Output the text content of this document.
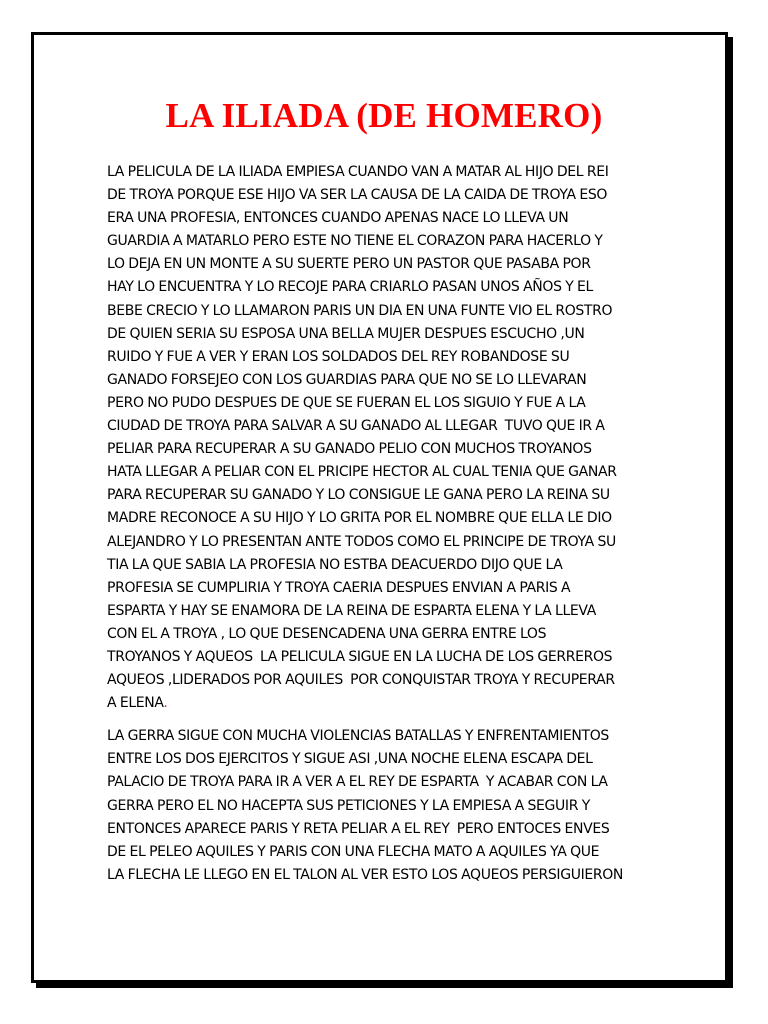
LA ILIADA (DE HOMERO)

LA PELICULA DE LA ILIADA EMPIESA CUANDO VAN A MATAR AL HIJO DEL REI
DE TROYA PORQUE ESE HIJO VA SER LA CAUSA DE LA CAIDA DE TROYA ESO
ERA UNA PROFESIA, ENTONCES CUANDO APENAS NACE LO LLEVA UN
GUARDIA A MATARLO PERO ESTE NO TIENE EL CORAZON PARA HACERLO Y
LO DEJA EN UN MONTE A SU SUERTE PERO UN PASTOR QUE PASABA POR
HAY LO ENCUENTRA Y LO RECOJE PARA CRIARLO PASAN UNOS AÑOS Y EL
BEBE CRECIO Y LO LLAMARON PARIS UN DIA EN UNA FUNTE VIO EL ROSTRO
DE QUIEN SERIA SU ESPOSA UNA BELLA MUJER DESPUES ESCUCHO ,UN
RUIDO Y FUE A VER Y ERAN LOS SOLDADOS DEL REY ROBANDOSE SU
GANADO FORSEJEO CON LOS GUARDIAS PARA QUE NO SE LO LLEVARAN
PERO NO PUDO DESPUES DE QUE SE FUERAN EL LOS SIGUIO Y FUE A LA
CIUDAD DE TROYA PARA SALVAR A SU GANADO AL LLEGAR  TUVO QUE IR A
PELIAR PARA RECUPERAR A SU GANADO PELIO CON MUCHOS TROYANOS
HATA LLEGAR A PELIAR CON EL PRICIPE HECTOR AL CUAL TENIA QUE GANAR
PARA RECUPERAR SU GANADO Y LO CONSIGUE LE GANA PERO LA REINA SU
MADRE RECONOCE A SU HIJO Y LO GRITA POR EL NOMBRE QUE ELLA LE DIO
ALEJANDRO Y LO PRESENTAN ANTE TODOS COMO EL PRINCIPE DE TROYA SU
TIA LA QUE SABIA LA PROFESIA NO ESTBA DEACUERDO DIJO QUE LA
PROFESIA SE CUMPLIRIA Y TROYA CAERIA DESPUES ENVIAN A PARIS A
ESPARTA Y HAY SE ENAMORA DE LA REINA DE ESPARTA ELENA Y LA LLEVA
CON EL A TROYA , LO QUE DESENCADENA UNA GERRA ENTRE LOS
TROYANOS Y AQUEOS  LA PELICULA SIGUE EN LA LUCHA DE LOS GERREROS
AQUEOS ,LIDERADOS POR AQUILES  POR CONQUISTAR TROYA Y RECUPERAR
A ELENA.

LA GERRA SIGUE CON MUCHA VIOLENCIAS BATALLAS Y ENFRENTAMIENTOS
ENTRE LOS DOS EJERCITOS Y SIGUE ASI ,UNA NOCHE ELENA ESCAPA DEL
PALACIO DE TROYA PARA IR A VER A EL REY DE ESPARTA  Y ACABAR CON LA
GERRA PERO EL NO HACEPTA SUS PETICIONES Y LA EMPIESA A SEGUIR Y
ENTONCES APARECE PARIS Y RETA PELIAR A EL REY  PERO ENTOCES ENVES
DE EL PELEO AQUILES Y PARIS CON UNA FLECHA MATO A AQUILES YA QUE
LA FLECHA LE LLEGO EN EL TALON AL VER ESTO LOS AQUEOS PERSIGUIERON
